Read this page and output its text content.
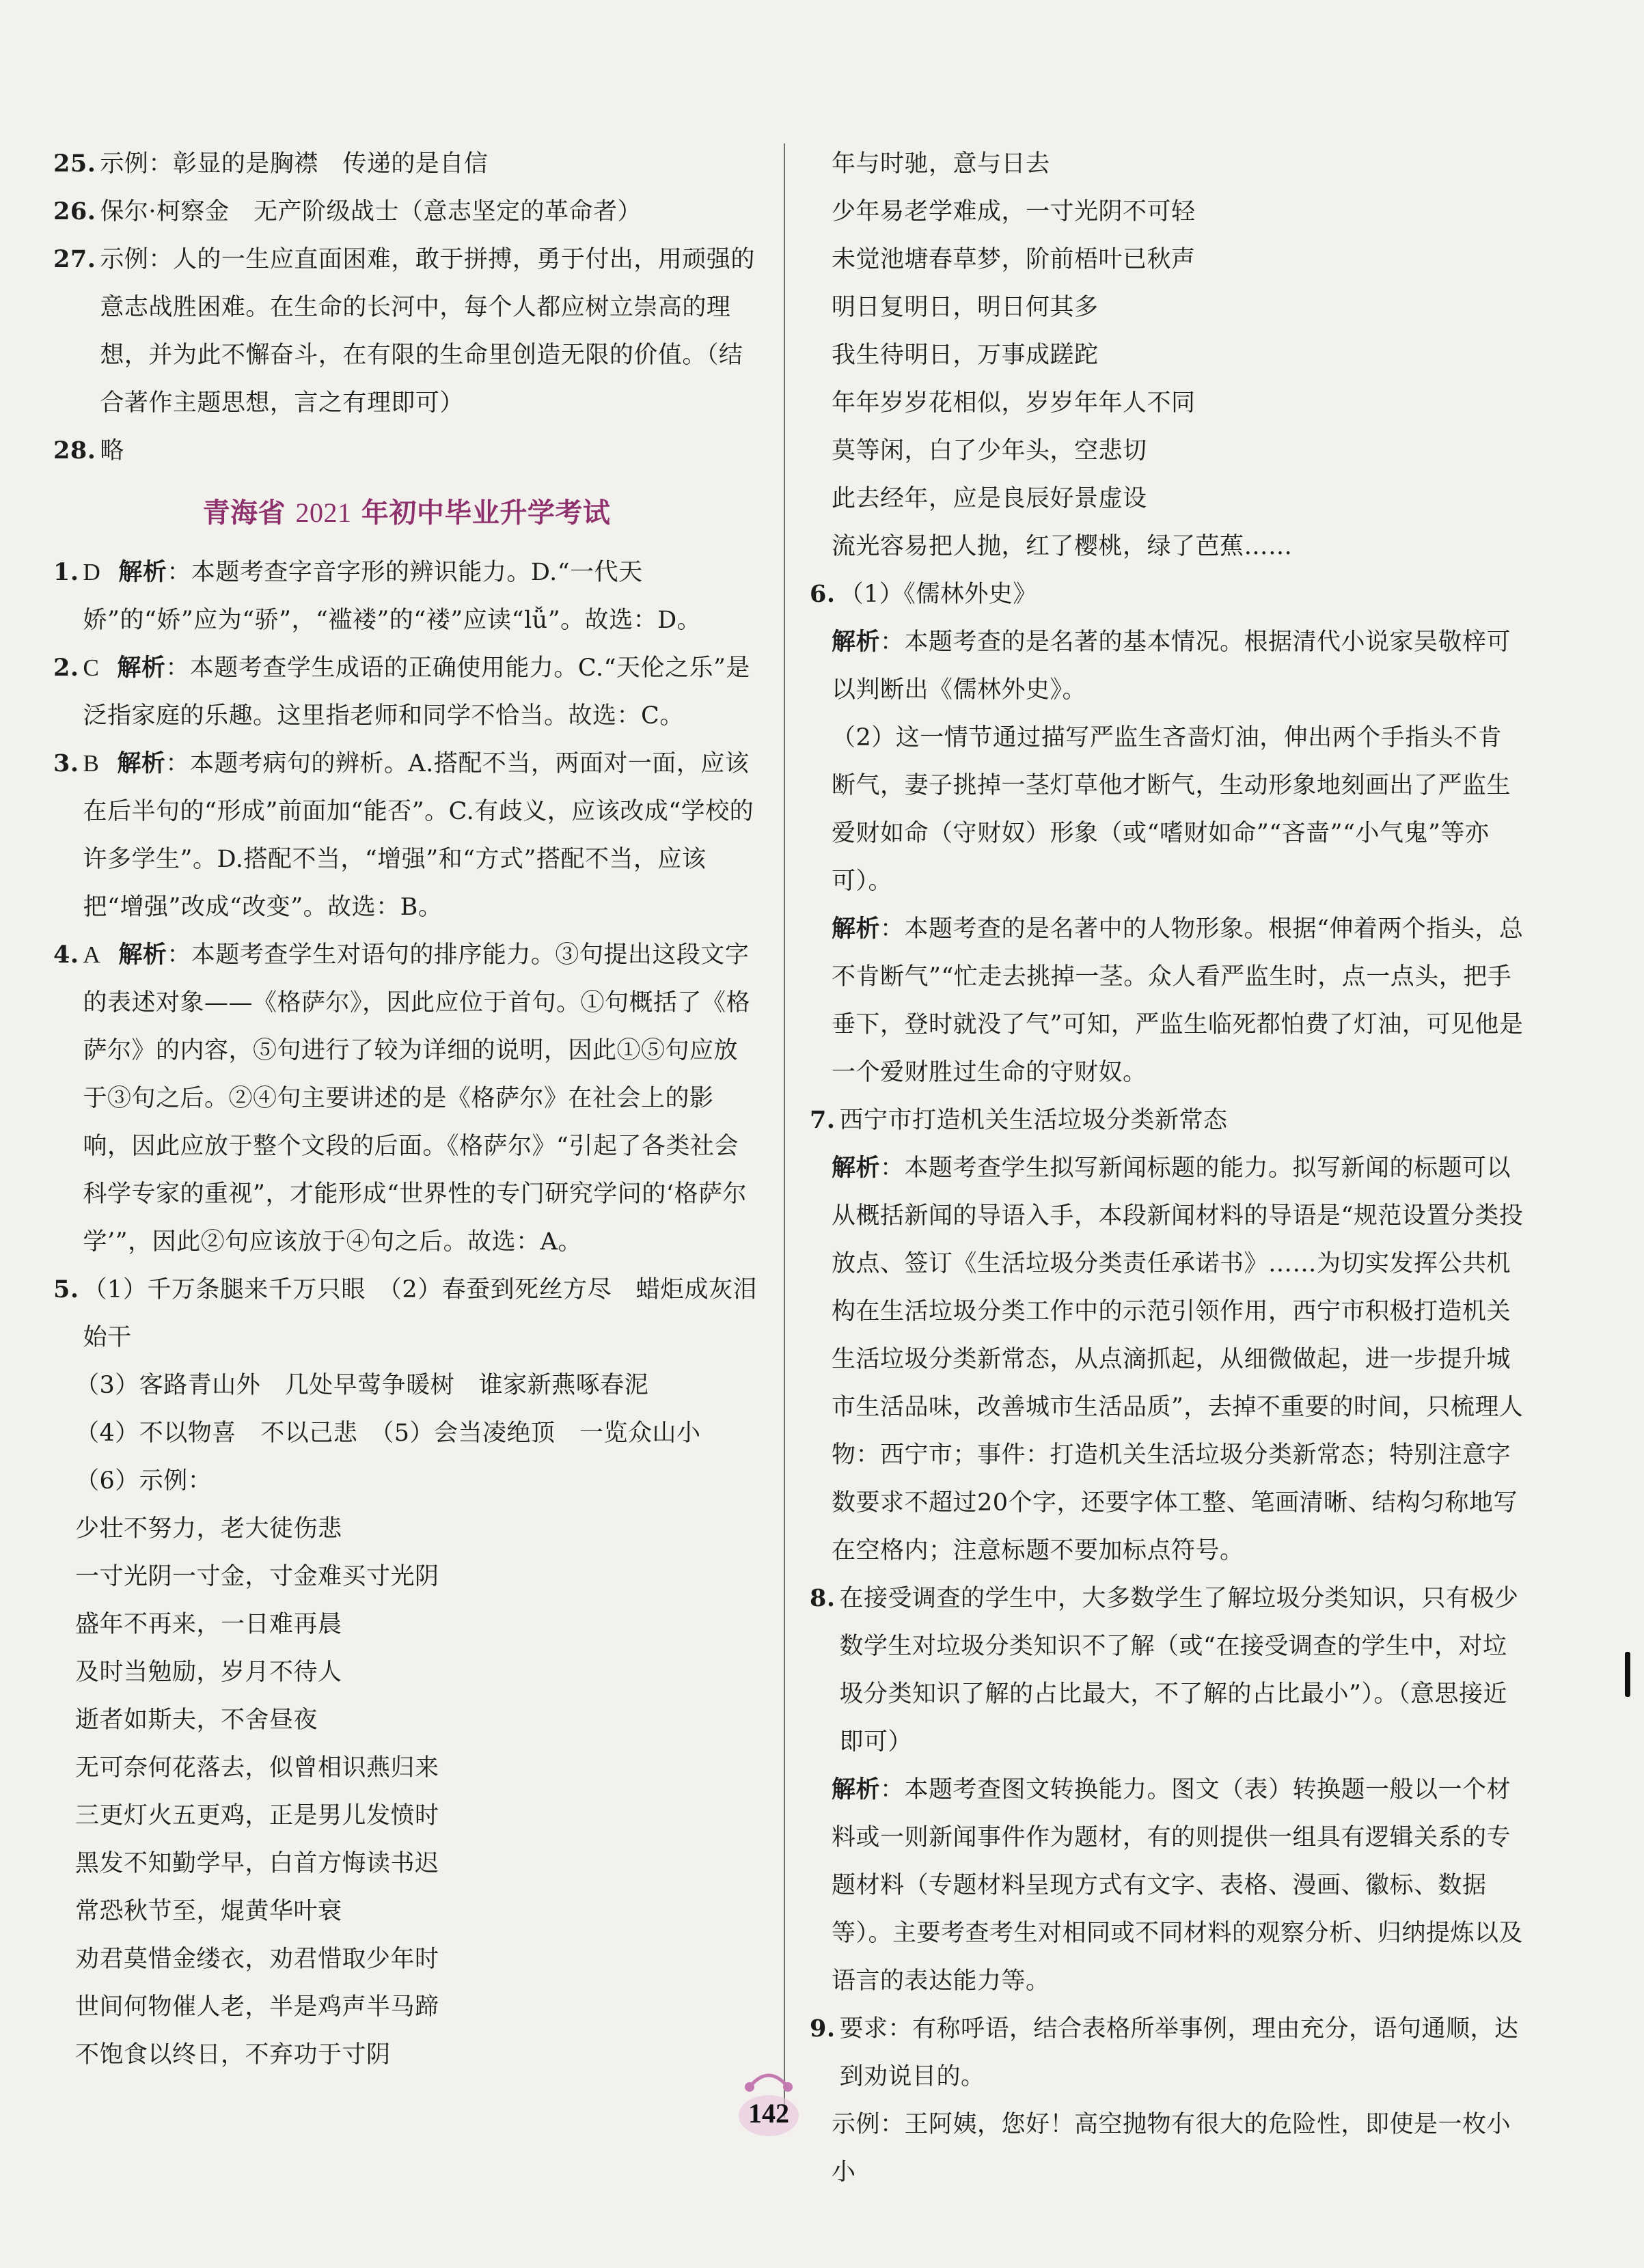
25. 示例：彰显的是胸襟　传递的是自信
26. 保尔·柯察金　无产阶级战士（意志坚定的革命者）
27. 示例：人的一生应直面困难，敢于拼搏，勇于付出，用顽强的意志战胜困难。在生命的长河中，每个人都应树立崇高的理想，并为此不懈奋斗，在有限的生命里创造无限的价值。（结合著作主题思想，言之有理即可）
28. 略
青海省 2021 年初中毕业升学考试
1. D 解析：本题考查字音字形的辨识能力。D.“一代天娇”的“娇”应为“骄”，“褴褛”的“褛”应读“lǚ”。故选：D。
2. C 解析：本题考查学生成语的正确使用能力。C.“天伦之乐”是泛指家庭的乐趣。这里指老师和同学不恰当。故选：C。
3. B 解析：本题考病句的辨析。A.搭配不当，两面对一面，应该在后半句的“形成”前面加“能否”。C.有歧义，应该改成“学校的许多学生”。D.搭配不当，“增强”和“方式”搭配不当，应该把“增强”改成“改变”。故选：B。
4. A 解析：本题考查学生对语句的排序能力。③句提出这段文字的表述对象——《格萨尔》，因此应位于首句。①句概括了《格萨尔》的内容，⑤句进行了较为详细的说明，因此①⑤句应放于③句之后。②④句主要讲述的是《格萨尔》在社会上的影响，因此应放于整个文段的后面。《格萨尔》“引起了各类社会科学专家的重视”，才能形成“世界性的专门研究学问的‘格萨尔学’”，因此②句应该放于④句之后。故选：A。
5. （1）千万条腿来千万只眼　（2）春蚕到死丝方尽　蜡炬成灰泪始干
（3）客路青山外　几处早莺争暖树　谁家新燕啄春泥
（4）不以物喜　不以己悲　（5）会当凌绝顶　一览众山小
（6）示例：
少壮不努力，老大徒伤悲
一寸光阴一寸金，寸金难买寸光阴
盛年不再来，一日难再晨
及时当勉励，岁月不待人
逝者如斯夫，不舍昼夜
无可奈何花落去，似曾相识燕归来
三更灯火五更鸡，正是男儿发愤时
黑发不知勤学早，白首方悔读书迟
常恐秋节至，焜黄华叶衰
劝君莫惜金缕衣，劝君惜取少年时
世间何物催人老，半是鸡声半马蹄
不饱食以终日，不弃功于寸阴
年与时驰，意与日去
少年易老学难成，一寸光阴不可轻
未觉池塘春草梦，阶前梧叶已秋声
明日复明日，明日何其多
我生待明日，万事成蹉跎
年年岁岁花相似，岁岁年年人不同
莫等闲，白了少年头，空悲切
此去经年，应是良辰好景虚设
流光容易把人抛，红了樱桃，绿了芭蕉……
6. （1）《儒林外史》
解析：本题考查的是名著的基本情况。根据清代小说家吴敬梓可以判断出《儒林外史》。
（2）这一情节通过描写严监生吝啬灯油，伸出两个手指头不肯断气，妻子挑掉一茎灯草他才断气，生动形象地刻画出了严监生爱财如命（守财奴）形象（或“嗜财如命”“吝啬”“小气鬼”等亦可）。
解析：本题考查的是名著中的人物形象。根据“伸着两个指头，总不肯断气”“忙走去挑掉一茎。众人看严监生时，点一点头，把手垂下，登时就没了气”可知，严监生临死都怕费了灯油，可见他是一个爱财胜过生命的守财奴。
7. 西宁市打造机关生活垃圾分类新常态
解析：本题考查学生拟写新闻标题的能力。拟写新闻的标题可以从概括新闻的导语入手，本段新闻材料的导语是“规范设置分类投放点、签订《生活垃圾分类责任承诺书》……为切实发挥公共机构在生活垃圾分类工作中的示范引领作用，西宁市积极打造机关生活垃圾分类新常态，从点滴抓起，从细微做起，进一步提升城市生活品味，改善城市生活品质”，去掉不重要的时间，只梳理人物：西宁市；事件：打造机关生活垃圾分类新常态；特别注意字数要求不超过20个字，还要字体工整、笔画清晰、结构匀称地写在空格内；注意标题不要加标点符号。
8. 在接受调查的学生中，大多数学生了解垃圾分类知识，只有极少数学生对垃圾分类知识不了解（或“在接受调查的学生中，对垃圾分类知识了解的占比最大，不了解的占比最小”）。（意思接近即可）
解析：本题考查图文转换能力。图文（表）转换题一般以一个材料或一则新闻事件作为题材，有的则提供一组具有逻辑关系的专题材料（专题材料呈现方式有文字、表格、漫画、徽标、数据等）。主要考查考生对相同或不同材料的观察分析、归纳提炼以及语言的表达能力等。
9. 要求：有称呼语，结合表格所举事例，理由充分，语句通顺，达到劝说目的。
示例：王阿姨，您好！高空抛物有很大的危险性，即使是一枚小小
142
